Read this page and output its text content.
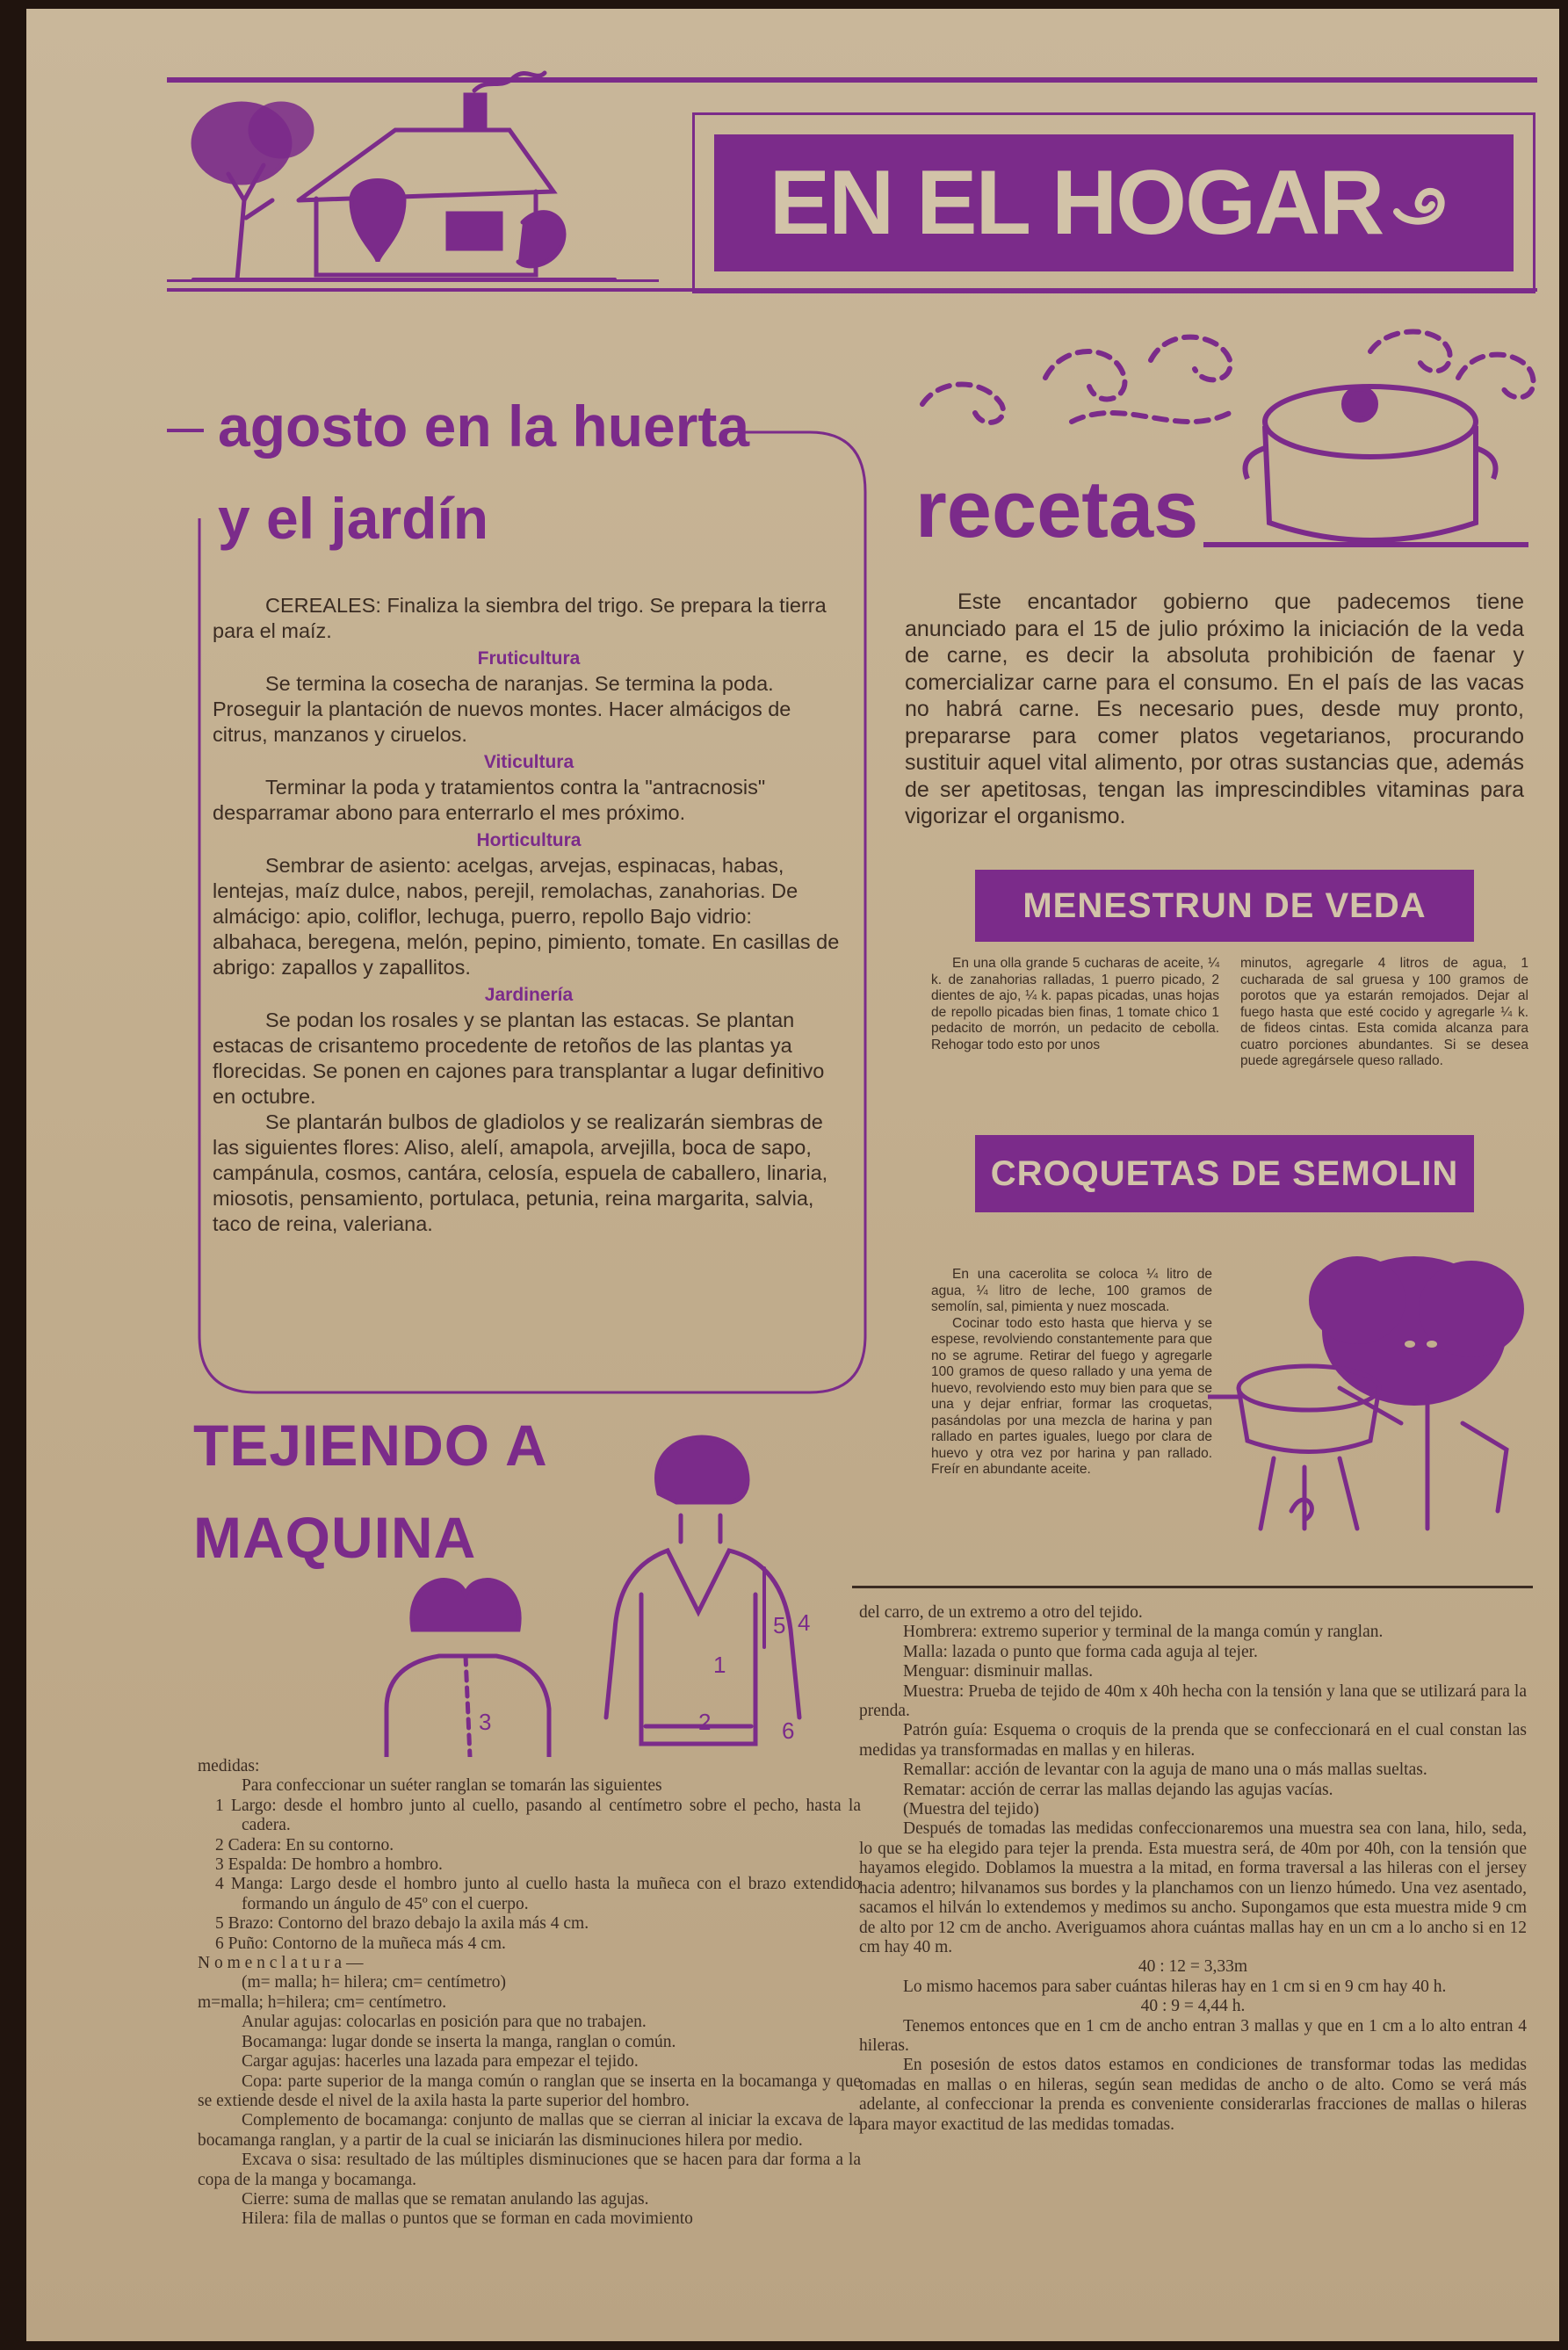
EN EL HOGAR
agosto en la huerta
y el jardín

CEREALES: Finaliza la siembra del trigo. Se prepara la tierra para el maíz.

Fruticultura

Se termina la cosecha de naranjas. Se termina la poda. Proseguir la plantación de nuevos montes. Hacer almácigos de citrus, manzanos y ciruelos.

Viticultura

Terminar la poda y tratamientos contra la "antracnosis" desparramar abono para enterrarlo el mes próximo.

Horticultura

Sembrar de asiento: acelgas, arvejas, espinacas, habas, lentejas, maíz dulce, nabos, perejil, remolachas, zanahorias. De almácigo: apio, coliflor, lechuga, puerro, repollo Bajo vidrio: albahaca, beregena, melón, pepino, pimiento, tomate. En casillas de abrigo: zapallos y zapallitos.

Jardinería

Se podan los rosales y se plantan las estacas. Se plantan estacas de crisantemo procedente de retoños de las plantas ya florecidas. Se ponen en cajones para transplantar a lugar definitivo en octubre.

Se plantarán bulbos de gladiolos y se realizarán siembras de las siguientes flores: Aliso, alelí, amapola, arvejilla, boca de sapo, campánula, cosmos, cantára, celosía, espuela de caballero, linaria, miosotis, pensamiento, portulaca, petunia, reina margarita, salvia, taco de reina, valeriana.

recetas

Este encantador gobierno que padecemos tiene anunciado para el 15 de julio próximo la iniciación de la veda de carne, es decir la absoluta prohibición de faenar y comercializar carne para el consumo. En el país de las vacas no habrá carne. Es necesario pues, desde muy pronto, prepararse para comer platos vegetarianos, procurando sustituir aquel vital alimento, por otras sustancias que, además de ser apetitosas, tengan las imprescindibles vitaminas para vigorizar el organismo.

MENESTRUN DE VEDA

En una olla grande 5 cucharas de aceite, ¼ k. de zanahorias ralladas, 1 puerro picado, 2 dientes de ajo, ¼ k. papas picadas, unas hojas de repollo picadas bien finas, 1 tomate chico 1 pedacito de morrón, un pedacito de cebolla. Rehogar todo esto por unos

minutos, agregarle 4 litros de agua, 1 cucharada de sal gruesa y 100 gramos de porotos que ya estarán remojados. Dejar al fuego hasta que esté cocido y agregarle ¼ k. de fideos cintas. Esta comida alcanza para cuatro porciones abundantes. Si se desea puede agregársele queso rallado.

CROQUETAS DE SEMOLIN

En una cacerolita se coloca ¼ litro de agua, ¼ litro de leche, 100 gramos de semolín, sal, pimienta y nuez moscada.

Cocinar todo esto hasta que hierva y se espese, revolviendo constantemente para que no se agrume. Retirar del fuego y agregarle 100 gramos de queso rallado y una yema de huevo, revolviendo esto muy bien para que se una y dejar enfriar, formar las croquetas, pasándolas por una mezcla de harina y pan rallado en partes iguales, luego por clara de huevo y otra vez por harina y pan rallado. Freír en abundante aceite.

TEJIENDO A
MAQUINA
3
1
2
5 4
6

medidas:

Para confeccionar un suéter ranglan se tomarán las siguientes

1 Largo: desde el hombro junto al cuello, pasando al centímetro sobre el pecho, hasta la cadera.

2 Cadera: En su contorno.

3 Espalda: De hombro a hombro.

4 Manga: Largo desde el hombro junto al cuello hasta la muñeca con el brazo extendido formando un ángulo de 45º con el cuerpo.

5 Brazo: Contorno del brazo debajo la axila más 4 cm.

6 Puño: Contorno de la muñeca más 4 cm.

N o m e n c l a t u r a —

(m= malla; h= hilera; cm= centímetro)

m=malla; h=hilera; cm= centímetro.

Anular agujas: colocarlas en posición para que no trabajen.

Bocamanga: lugar donde se inserta la manga, ranglan o común.

Cargar agujas: hacerles una lazada para empezar el tejido.

Copa: parte superior de la manga común o ranglan que se inserta en la bocamanga y que se extiende desde el nivel de la axila hasta la parte superior del hombro.

Complemento de bocamanga: conjunto de mallas que se cierran al iniciar la excava de la bocamanga ranglan, y a partir de la cual se iniciarán las disminuciones hilera por medio.

Excava o sisa: resultado de las múltiples disminuciones que se hacen para dar forma a la copa de la manga y bocamanga.

Cierre: suma de mallas que se rematan anulando las agujas.

Hilera: fila de mallas o puntos que se forman en cada movimiento

del carro, de un extremo a otro del tejido.

Hombrera: extremo superior y terminal de la manga común y ranglan.

Malla: lazada o punto que forma cada aguja al tejer.

Menguar: disminuir mallas.

Muestra: Prueba de tejido de 40m x 40h hecha con la tensión y lana que se utilizará para la prenda.

Patrón guía: Esquema o croquis de la prenda que se confeccionará en el cual constan las medidas ya transformadas en mallas y en hileras.

Remallar: acción de levantar con la aguja de mano una o más mallas sueltas.

Rematar: acción de cerrar las mallas dejando las agujas vacías.

(Muestra del tejido)

Después de tomadas las medidas confeccionaremos una muestra sea con lana, hilo, seda, lo que se ha elegido para tejer la prenda. Esta muestra será, de 40m por 40h, con la tensión que hayamos elegido. Doblamos la muestra a la mitad, en forma traversal a las hileras con el jersey hacia adentro; hilvanamos sus bordes y la planchamos con un lienzo húmedo. Una vez asentado, sacamos el hilván lo extendemos y medimos su ancho. Supongamos que esta muestra mide 9 cm de alto por 12 cm de ancho. Averiguamos ahora cuántas mallas hay en un cm a lo ancho si en 12 cm hay 40 m.

40 : 12 = 3,33m

Lo mismo hacemos para saber cuántas hileras hay en 1 cm si en 9 cm hay 40 h.

40 : 9 = 4,44 h.

Tenemos entonces que en 1 cm de ancho entran 3 mallas y que en 1 cm a lo alto entran 4 hileras.

En posesión de estos datos estamos en condiciones de transformar todas las medidas tomadas en mallas o en hileras, según sean medidas de ancho o de alto. Como se verá más adelante, al confeccionar la prenda es conveniente considerarlas fracciones de mallas o hileras para mayor exactitud de las medidas tomadas.
